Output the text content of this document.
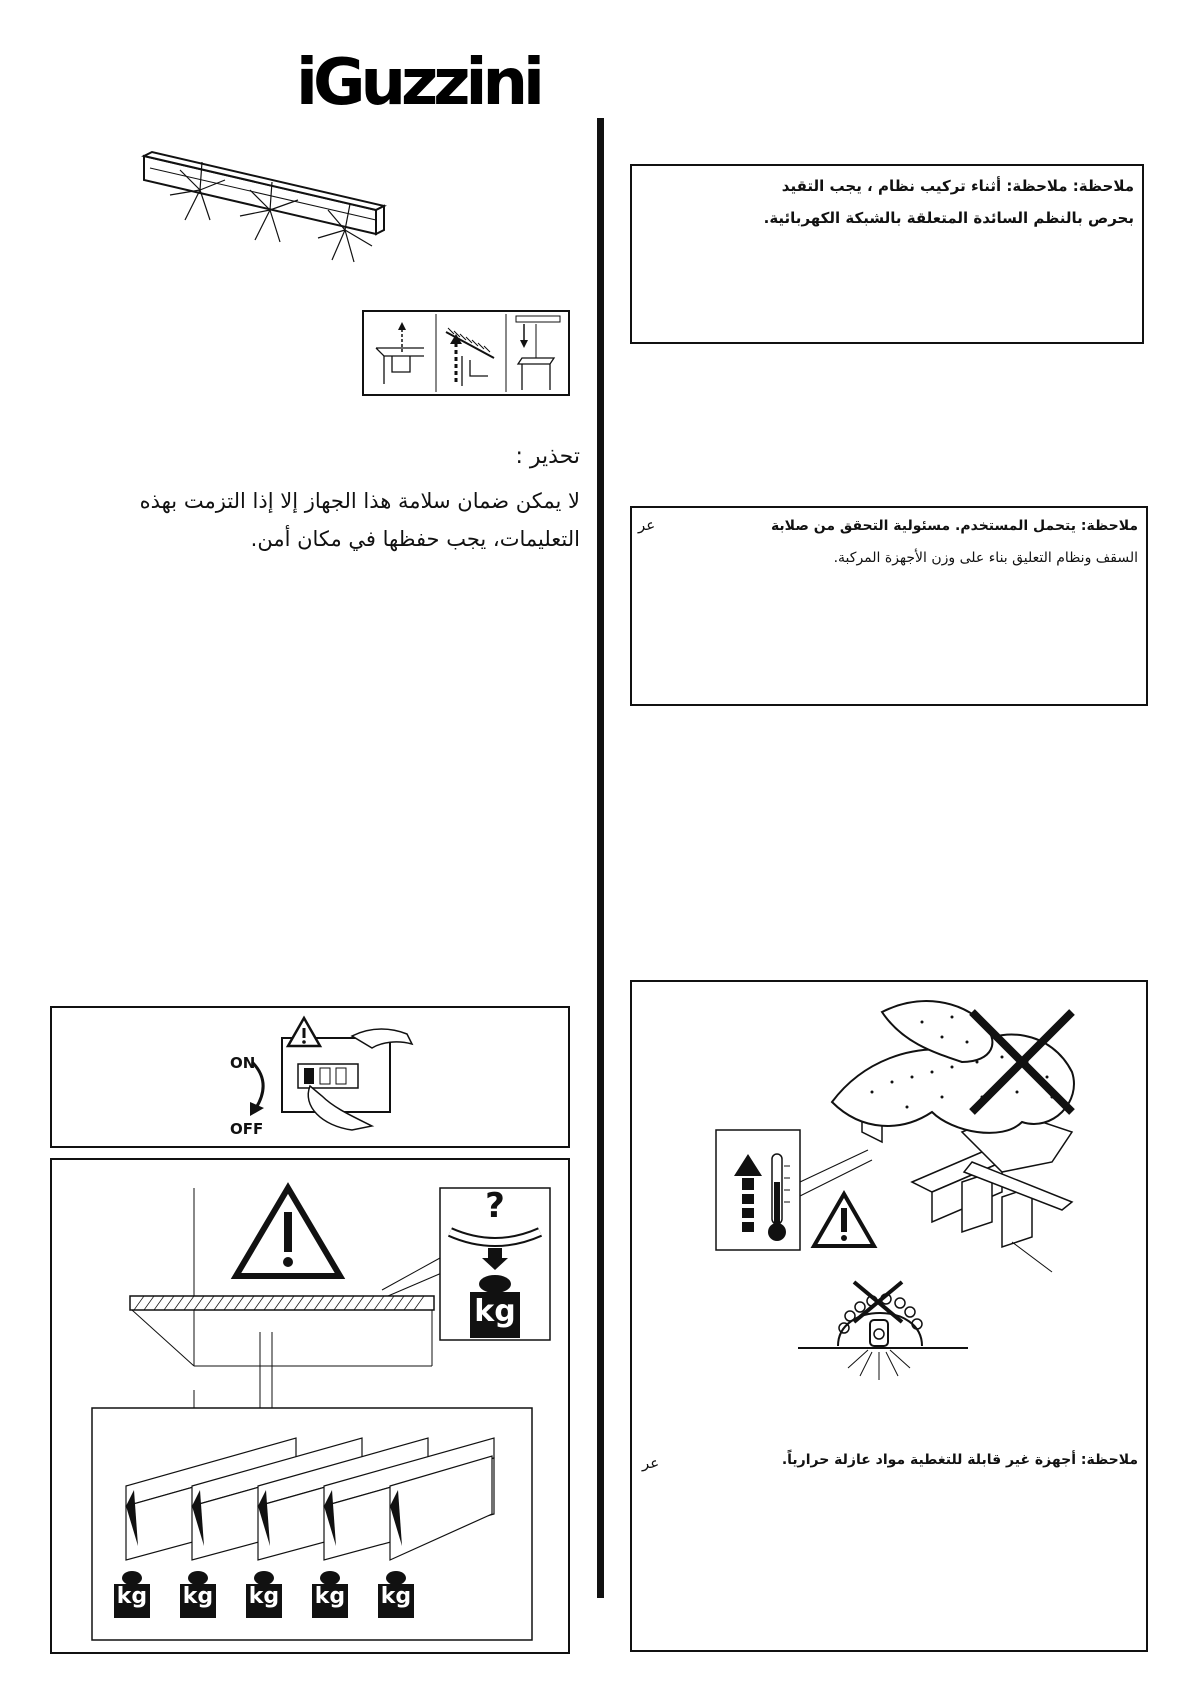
iGuzzini
تحذير :
لا يمكن ضمان سلامة هذا الجهاز إلا إذا التزمت بهذه
التعليمات، يجب حفظها في مكان أمن.
ملاحظة: ملاحظة: أثناء تركيب نظام ، يجب التقيد
بحرص بالنظم السائدة المتعلقة بالشبكة الكهربائية.
عر	ملاحظة: يتحمل المستخدم. مسئولية التحقق من صلابة
السقف ونظام التعليق بناء على وزن الأجهزة المركبة.
ON
OFF
?
kg
kg kg kg kg kg
عر	ملاحظة: أجهزة غير قابلة للتغطية مواد عازلة حرارياً.
